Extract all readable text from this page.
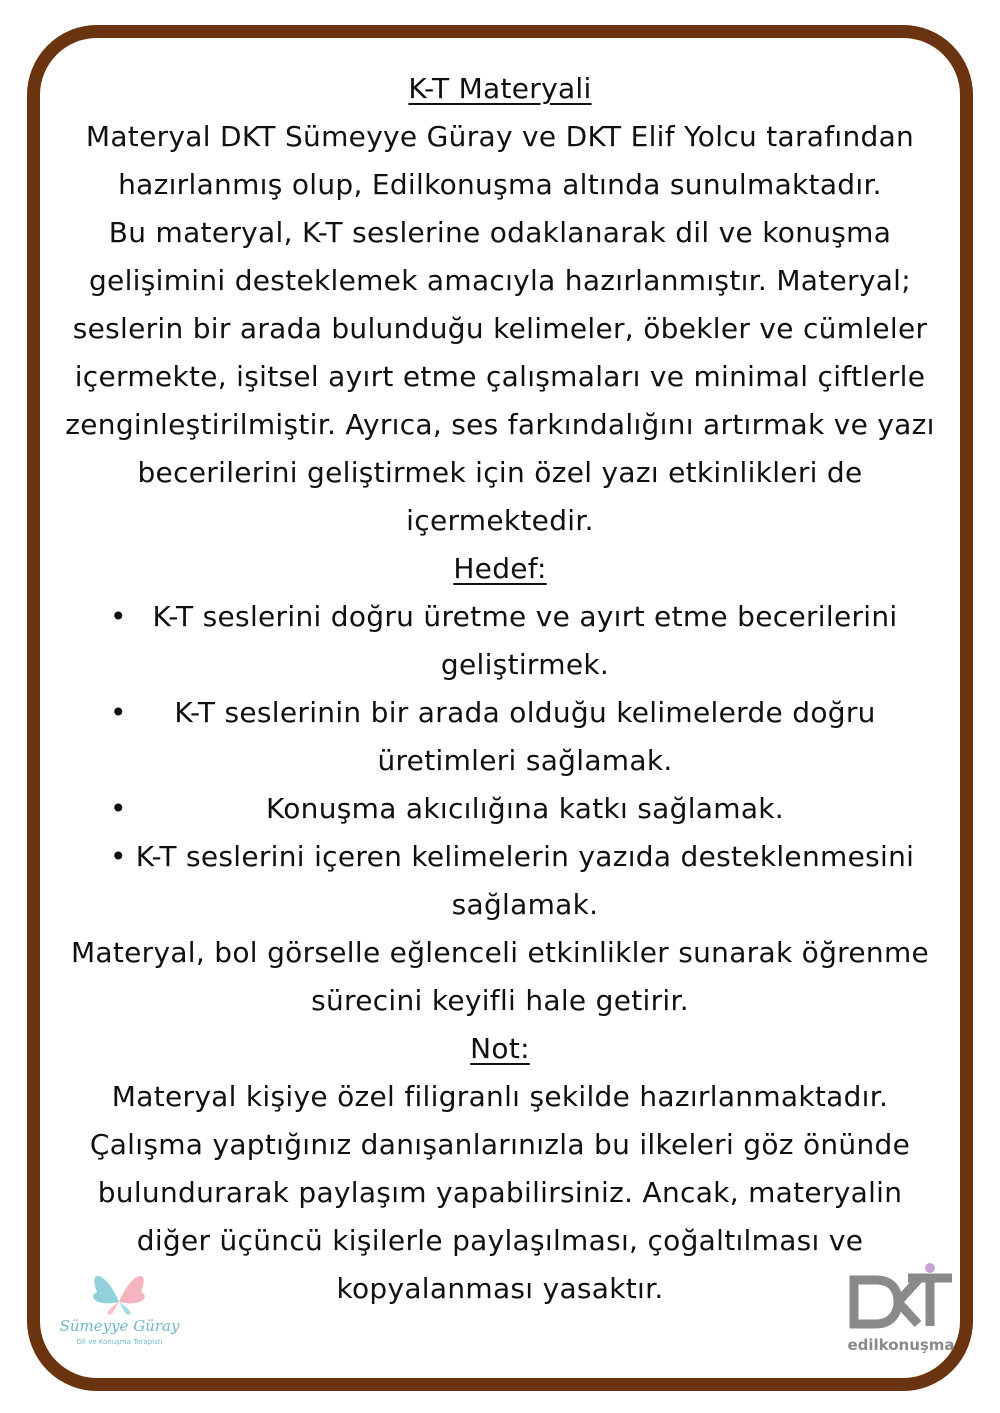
K-T Materyali

Materyal DKT Sümeyye Güray ve DKT Elif Yolcu tarafından hazırlanmış olup, Edilkonuşma altında sunulmaktadır.

Bu materyal, K-T seslerine odaklanarak dil ve konuşma gelişimini desteklemek amacıyla hazırlanmıştır. Materyal; seslerin bir arada bulunduğu kelimeler, öbekler ve cümleler içermekte, işitsel ayırt etme çalışmaları ve minimal çiftlerle zenginleştirilmiştir. Ayrıca, ses farkındalığını artırmak ve yazı becerilerini geliştirmek için özel yazı etkinlikleri de içermektedir.

Hedef:

• K-T seslerini doğru üretme ve ayırt etme becerilerini geliştirmek.
• K-T seslerinin bir arada olduğu kelimelerde doğru üretimleri sağlamak.
• Konuşma akıcılığına katkı sağlamak.
• K-T seslerini içeren kelimelerin yazıda desteklenmesini sağlamak.

Materyal, bol görselle eğlenceli etkinlikler sunarak öğrenme sürecini keyifli hale getirir.

Not:

Materyal kişiye özel filigranlı şekilde hazırlanmaktadır. Çalışma yaptığınız danışanlarınızla bu ilkeleri göz önünde bulundurarak paylaşım yapabilirsiniz. Ancak, materyalin diğer üçüncü kişilerle paylaşılması, çoğaltılması ve kopyalanması yasaktır.

Sümeyye Güray
Dil ve Konuşma Terapisti	edilkonuşma
